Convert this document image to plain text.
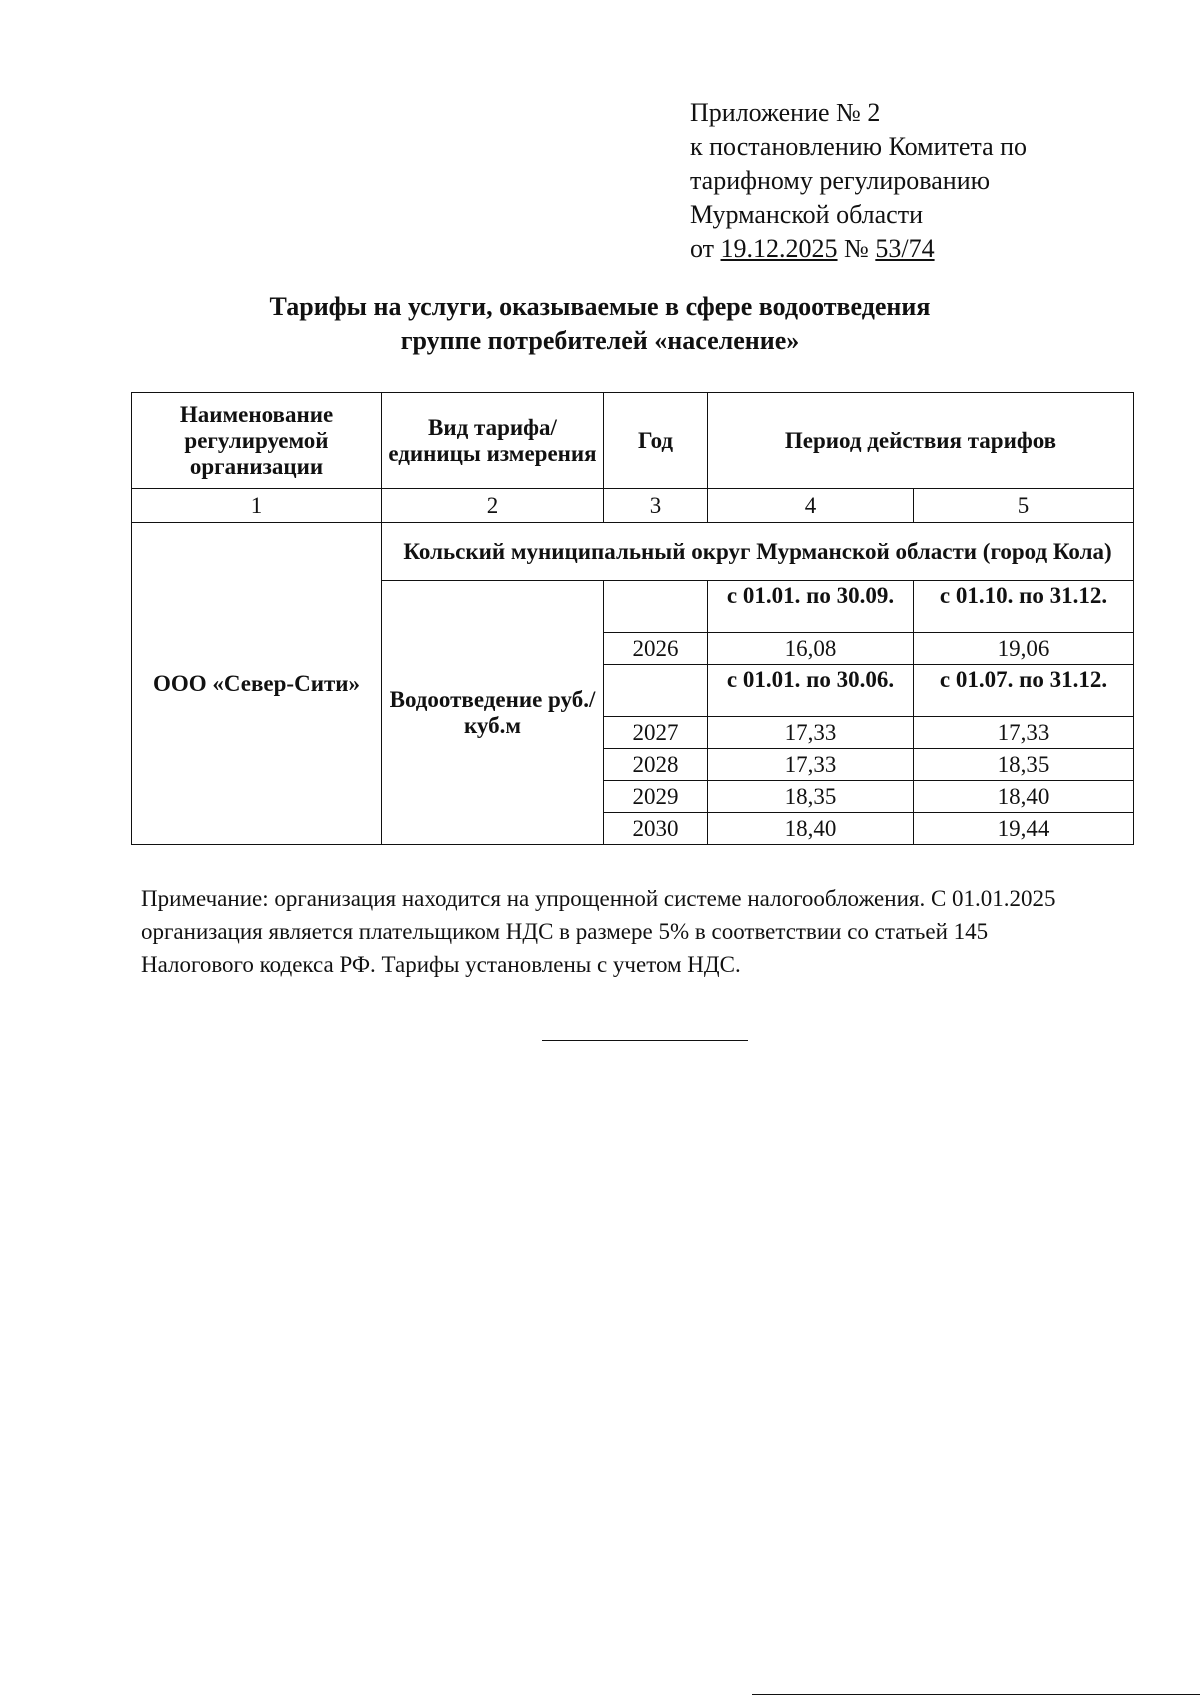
Приложение № 2
к постановлению Комитета по
тарифному регулированию
Мурманской области
от 19.12.2025 № 53/74
Тарифы на услуги, оказываемые в сфере водоотведения
группе потребителей «население»
Наименование регулируемой организации	Вид тарифа/единицы измерения	Год	Период действия тарифов	
1	2	3	4	5
ООО «Север-Сити»	Кольский муниципальный округ Мурманской области (город Кола)			
	Водоотведение руб./куб.м		с 01.01. по 30.09.	с 01.10. по 31.12.
		2026	16,08	19,06
			с 01.01. по 30.06.	с 01.07. по 31.12.
		2027	17,33	17,33
		2028	17,33	18,35
		2029	18,35	18,40
		2030	18,40	19,44
Примечание: организация находится на упрощенной системе налогообложения. С 01.01.2025
организация является плательщиком НДС в размере 5% в соответствии со статьей 145
Налогового кодекса РФ. Тарифы установлены с учетом НДС.
